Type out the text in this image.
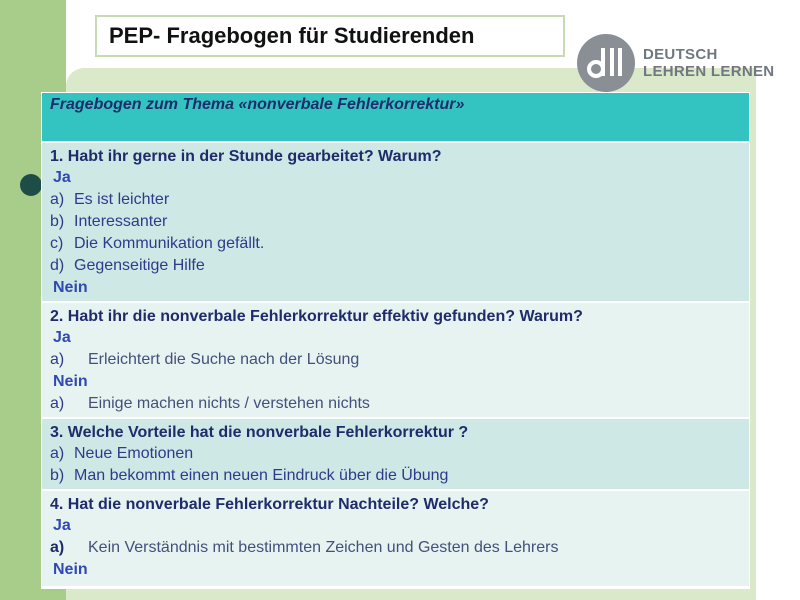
PEP- Fragebogen für Studierenden
DEUTSCH
LEHREN LERNEN
Fragebogen zum Thema «nonverbale Fehlerkorrektur»
1. Habt ihr gerne in der Stunde gearbeitet? Warum?
Ja
a) Es ist leichter
b) Interessanter
c) Die Kommunikation gefällt.
d) Gegenseitige Hilfe
Nein
2. Habt ihr die nonverbale Fehlerkorrektur effektiv gefunden? Warum?
Ja
a)	Erleichtert die Suche nach der Lösung
Nein
a)	Einige machen nichts / verstehen nichts
3. Welche Vorteile hat die nonverbale Fehlerkorrektur ?
a) Neue Emotionen
b) Man bekommt einen neuen Eindruck über die Übung
4. Hat die nonverbale Fehlerkorrektur Nachteile? Welche?
Ja
a)	Kein Verständnis mit bestimmten Zeichen und Gesten des Lehrers
Nein
